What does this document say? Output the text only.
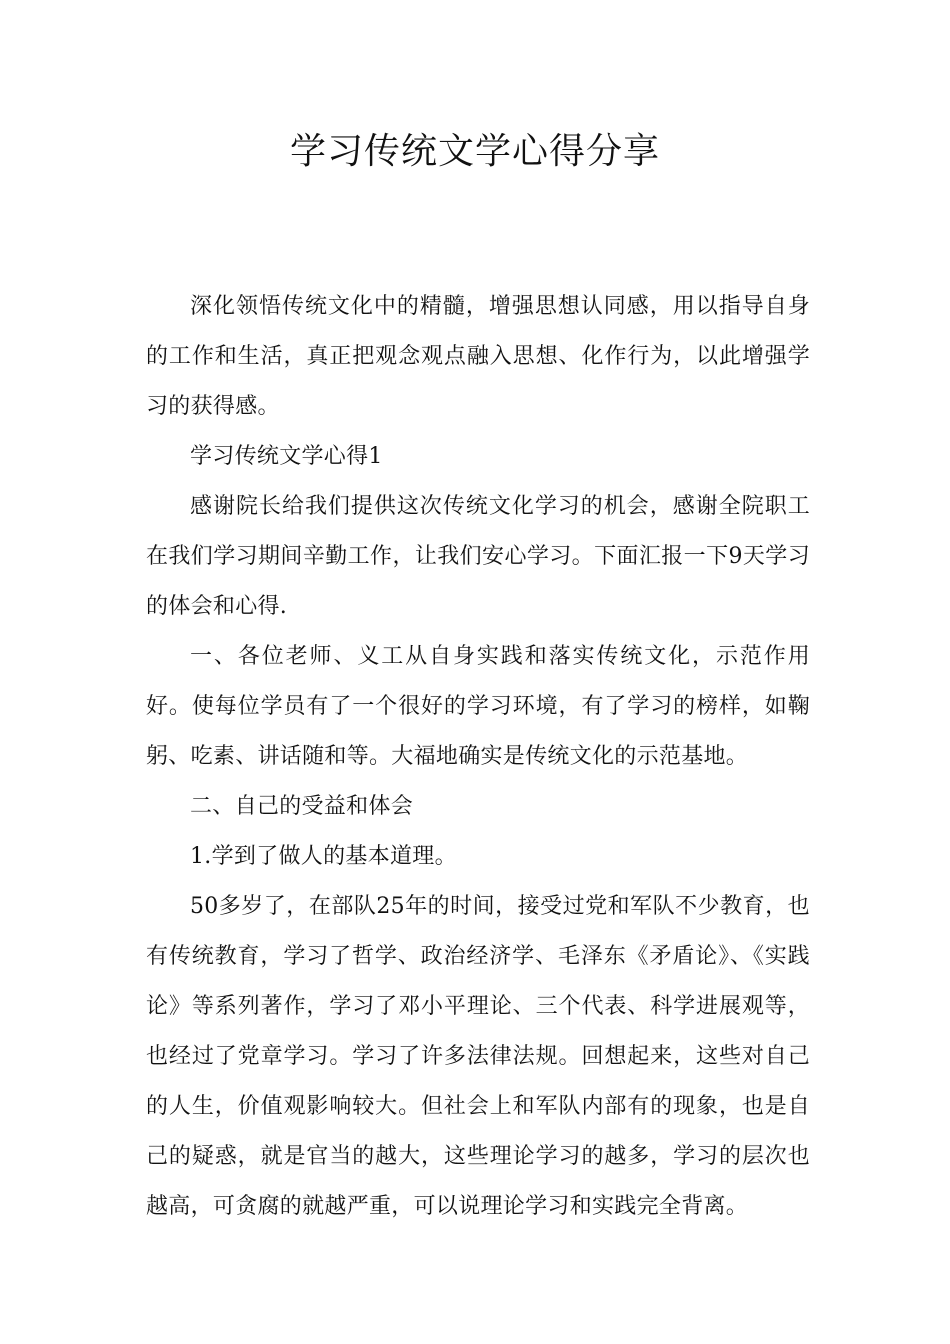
学习传统文学心得分享

深化领悟传统文化中的精髓，增强思想认同感，用以指导自身的工作和生活，真正把观念观点融入思想、化作行为，以此增强学习的获得感。

学习传统文学心得1

感谢院长给我们提供这次传统文化学习的机会，感谢全院职工在我们学习期间辛勤工作，让我们安心学习。下面汇报一下9天学习的体会和心得.

一、各位老师、义工从自身实践和落实传统文化，示范作用好。使每位学员有了一个很好的学习环境，有了学习的榜样，如鞠躬、吃素、讲话随和等。大福地确实是传统文化的示范基地。

二、自己的受益和体会

1.学到了做人的基本道理。

50多岁了，在部队25年的时间，接受过党和军队不少教育，也有传统教育，学习了哲学、政治经济学、毛泽东《矛盾论》、《实践论》等系列著作，学习了邓小平理论、三个代表、科学进展观等，也经过了党章学习。学习了许多法律法规。回想起来，这些对自己的人生，价值观影响较大。但社会上和军队内部有的现象，也是自己的疑惑，就是官当的越大，这些理论学习的越多，学习的层次也越高，可贪腐的就越严重，可以说理论学习和实践完全背离。
